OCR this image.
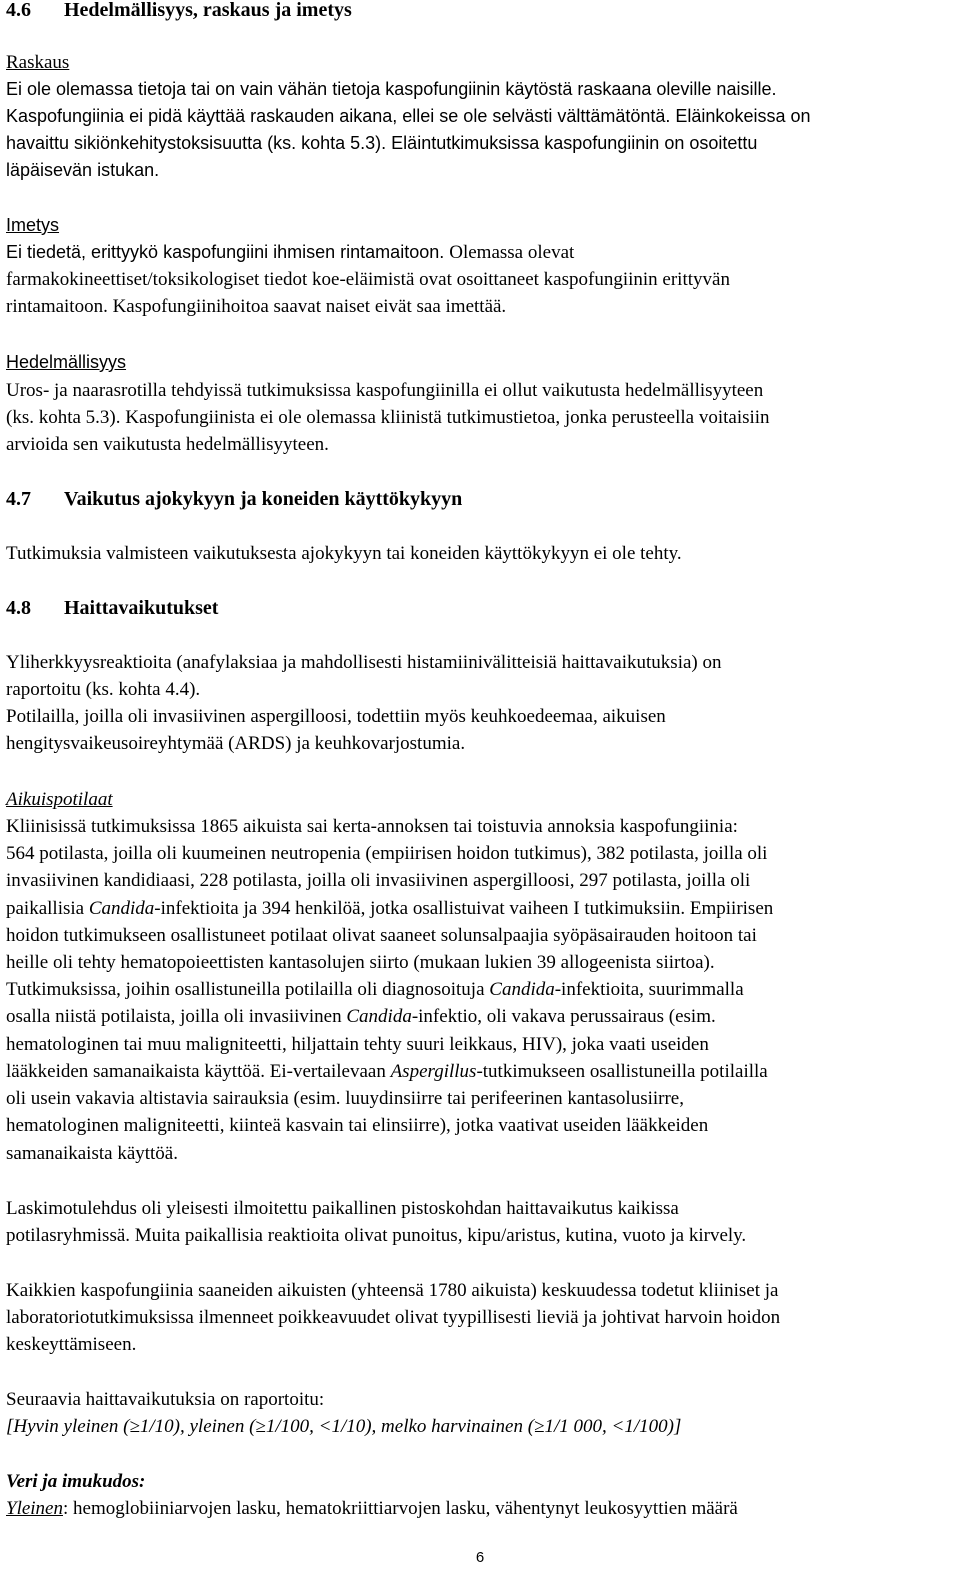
4.6 Hedelmällisyys, raskaus ja imetys
Raskaus
Ei ole olemassa tietoja tai on vain vähän tietoja kaspofungiinin käytöstä raskaana oleville naisille.
Kaspofungiinia ei pidä käyttää raskauden aikana, ellei se ole selvästi välttämätöntä. Eläinkokeissa on
havaittu sikiönkehitystoksisuutta (ks. kohta 5.3). Eläintutkimuksissa kaspofungiinin on osoitettu
läpäisevän istukan.
Imetys
Ei tiedetä, erittyykö kaspofungiini ihmisen rintamaitoon. Olemassa olevat
farmakokineettiset/toksikologiset tiedot koe-eläimistä ovat osoittaneet kaspofungiinin erittyvän
rintamaitoon. Kaspofungiinihoitoa saavat naiset eivät saa imettää.
Hedelmällisyys
Uros- ja naarasrotilla tehdyissä tutkimuksissa kaspofungiinilla ei ollut vaikutusta hedelmällisyyteen
(ks. kohta 5.3). Kaspofungiinista ei ole olemassa kliinistä tutkimustietoa, jonka perusteella voitaisiin
arvioida sen vaikutusta hedelmällisyyteen.
4.7 Vaikutus ajokykyyn ja koneiden käyttökykyyn
Tutkimuksia valmisteen vaikutuksesta ajokykyyn tai koneiden käyttökykyyn ei ole tehty.
4.8 Haittavaikutukset
Yliherkkyysreaktioita (anafylaksiaa ja mahdollisesti histamiinivälitteisiä haittavaikutuksia) on
raportoitu (ks. kohta 4.4).
Potilailla, joilla oli invasiivinen aspergilloosi, todettiin myös keuhkoedeemaa, aikuisen
hengitysvaikeusoireyhtymää (ARDS) ja keuhkovarjostumia.
Aikuispotilaat
Kliinisissä tutkimuksissa 1865 aikuista sai kerta-annoksen tai toistuvia annoksia kaspofungiinia:
564 potilasta, joilla oli kuumeinen neutropenia (empiirisen hoidon tutkimus), 382 potilasta, joilla oli
invasiivinen kandidiaasi, 228 potilasta, joilla oli invasiivinen aspergilloosi, 297 potilasta, joilla oli
paikallisia Candida-infektioita ja 394 henkilöä, jotka osallistuivat vaiheen I tutkimuksiin. Empiirisen
hoidon tutkimukseen osallistuneet potilaat olivat saaneet solunsalpaajia syöpäsairauden hoitoon tai
heille oli tehty hematopoieettisten kantasolujen siirto (mukaan lukien 39 allogeenista siirtoa).
Tutkimuksissa, joihin osallistuneilla potilailla oli diagnosoituja Candida-infektioita, suurimmalla
osalla niistä potilaista, joilla oli invasiivinen Candida-infektio, oli vakava perussairaus (esim.
hematologinen tai muu maligniteetti, hiljattain tehty suuri leikkaus, HIV), joka vaati useiden
lääkkeiden samanaikaista käyttöä. Ei-vertailevaan Aspergillus-tutkimukseen osallistuneilla potilailla
oli usein vakavia altistavia sairauksia (esim. luuydinsiirre tai perifeerinen kantasolusiirre,
hematologinen maligniteetti, kiinteä kasvain tai elinsiirre), jotka vaativat useiden lääkkeiden
samanaikaista käyttöä.
Laskimotulehdus oli yleisesti ilmoitettu paikallinen pistoskohdan haittavaikutus kaikissa
potilasryhmissä. Muita paikallisia reaktioita olivat punoitus, kipu/aristus, kutina, vuoto ja kirvely.
Kaikkien kaspofungiinia saaneiden aikuisten (yhteensä 1780 aikuista) keskuudessa todetut kliiniset ja
laboratoriotutkimuksissa ilmenneet poikkeavuudet olivat tyypillisesti lieviä ja johtivat harvoin hoidon
keskeyttämiseen.
Seuraavia haittavaikutuksia on raportoitu:
[Hyvin yleinen (≥1/10), yleinen (≥1/100, <1/10), melko harvinainen (≥1/1 000, <1/100)]
Veri ja imukudos:
Yleinen: hemoglobiiniarvojen lasku, hematokriittiarvojen lasku, vähentynyt leukosyyttien määrä
6
